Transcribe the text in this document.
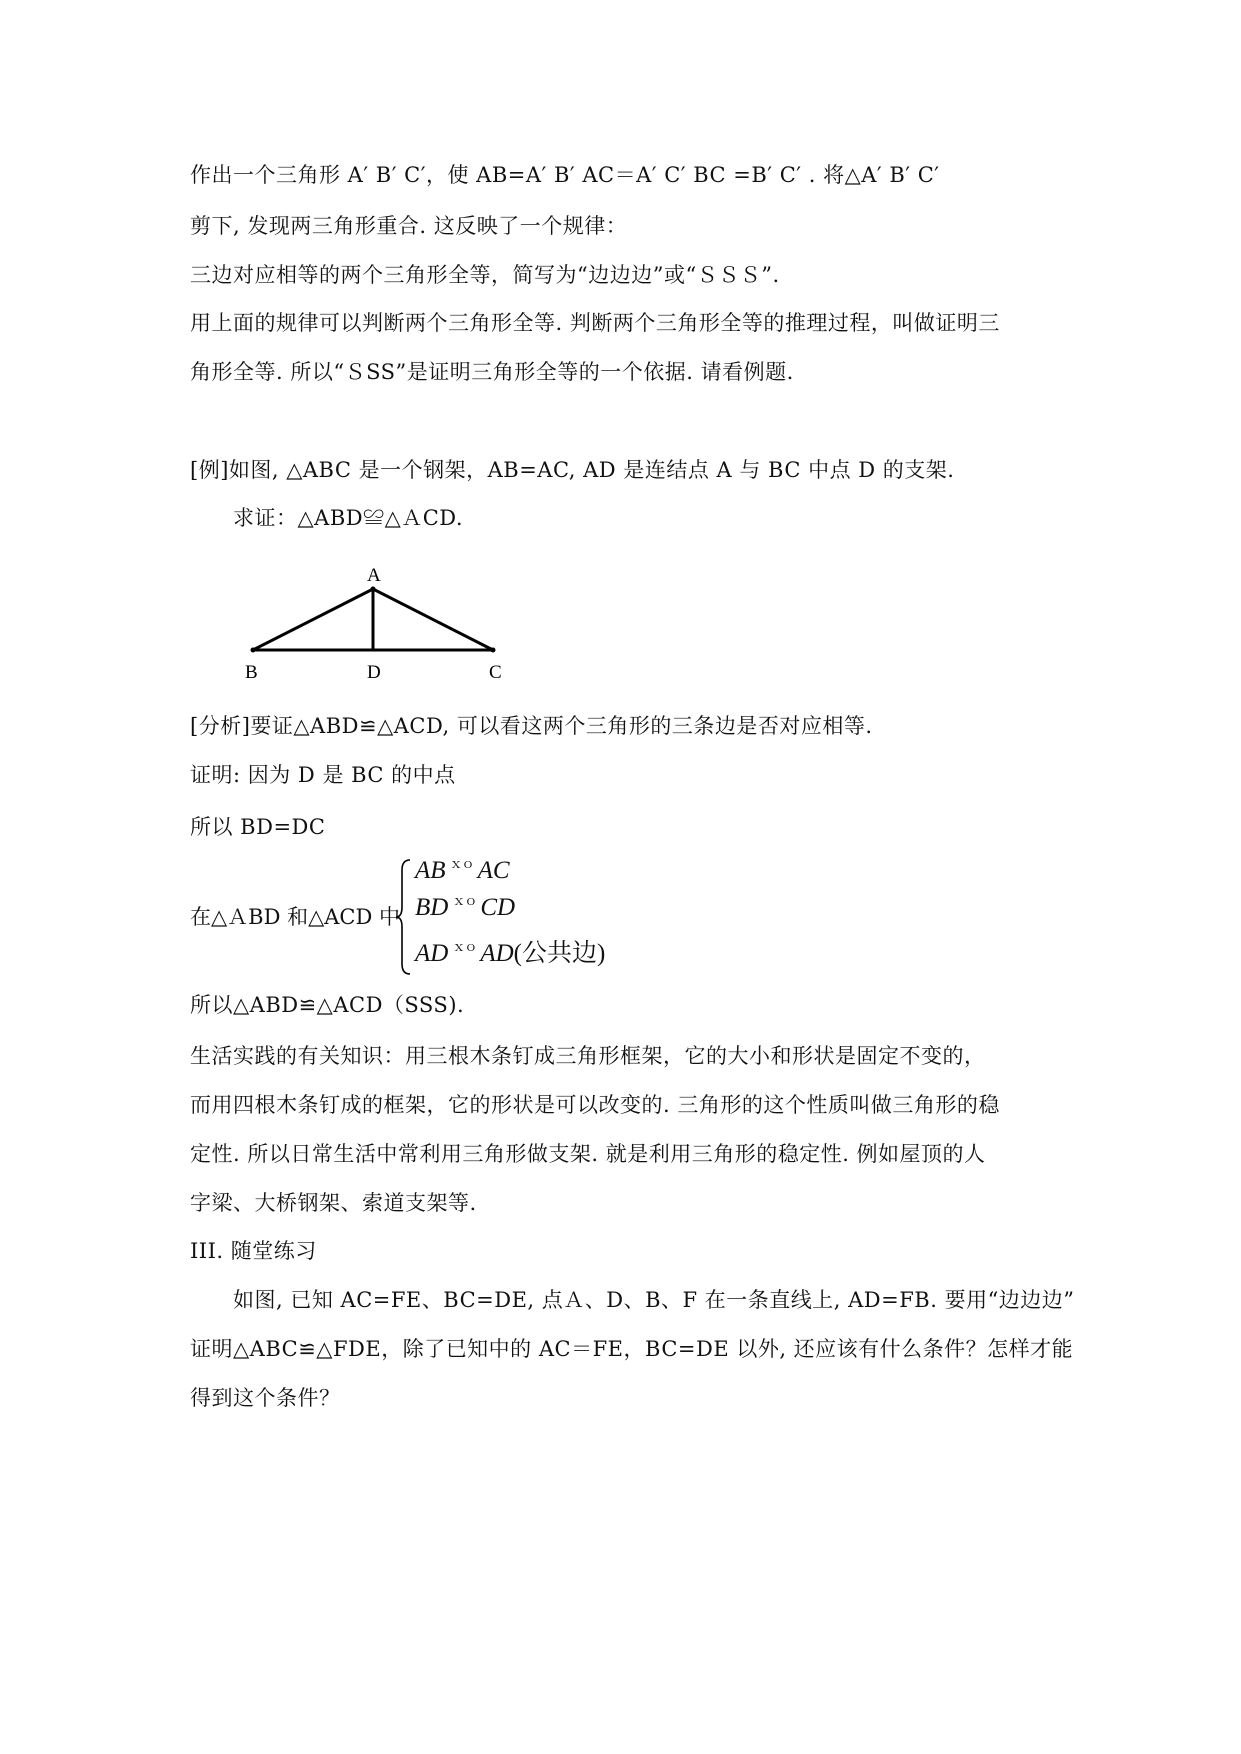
作出一个三角形 A′ B′ C′，使 AB=A′ B′ AC＝A′ C′ BC =B′ C′ . 将△A′ B′ C′
剪下, 发现两三角形重合. 这反映了一个规律：
三边对应相等的两个三角形全等，简写为“边边边”或“ＳＳＳ”.
用上面的规律可以判断两个三角形全等. 判断两个三角形全等的推理过程，叫做证明三
角形全等. 所以“ＳSS”是证明三角形全等的一个依据. 请看例题.
[例]如图, △ABC 是一个钢架，AB=AC, AD 是连结点 A 与 BC 中点 D 的支架.
求证：△ABD≌△ＡCD.
A
B	D	C
[分析]要证△ABD≌△ACD, 可以看这两个三角形的三条边是否对应相等.
证明: 因为 D 是 BC 的中点
所以 BD=DC
在△ＡBD 和△ACD 中
AB $^{xo}$ AC
BD $^{xo}$ CD
AD $^{xo}$ AD(公共边)
所以△ABD≌△ACD（SSS).
生活实践的有关知识：用三根木条钉成三角形框架，它的大小和形状是固定不变的，
而用四根木条钉成的框架，它的形状是可以改变的. 三角形的这个性质叫做三角形的稳
定性. 所以日常生活中常利用三角形做支架. 就是利用三角形的稳定性. 例如屋顶的人
字梁、大桥钢架、索道支架等.
III. 随堂练习
如图, 已知 AC=FE、BC=DE, 点Ａ、D、B、F 在一条直线上, AD=FB. 要用“边边边”
证明△ABC≌△FDE，除了已知中的 AC＝FE，BC=DE 以外, 还应该有什么条件？怎样才能
得到这个条件？
